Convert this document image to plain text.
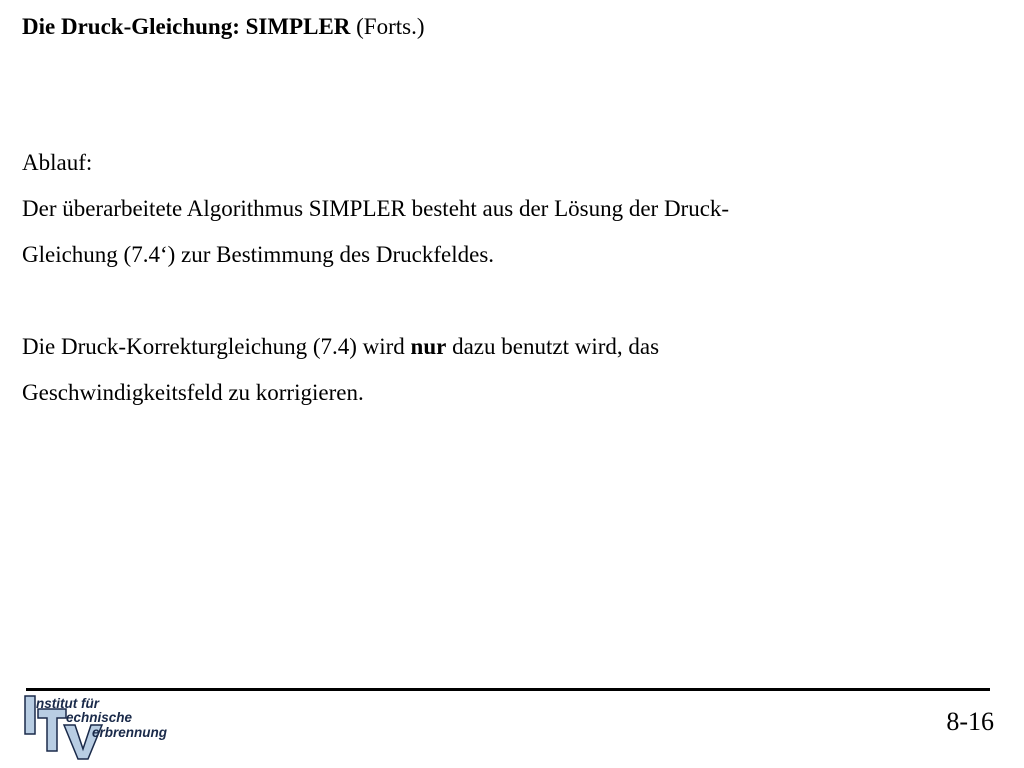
Die Druck-Gleichung: SIMPLER (Forts.)
Ablauf:
Der überarbeitete Algorithmus SIMPLER besteht aus der Lösung der Druck-
Gleichung (7.4‘) zur Bestimmung des Druckfeldes.
Die Druck-Korrekturgleichung (7.4) wird nur dazu benutzt wird, das
Geschwindigkeitsfeld zu korrigieren.
nstitut für
echnische
erbrennung	8-16
